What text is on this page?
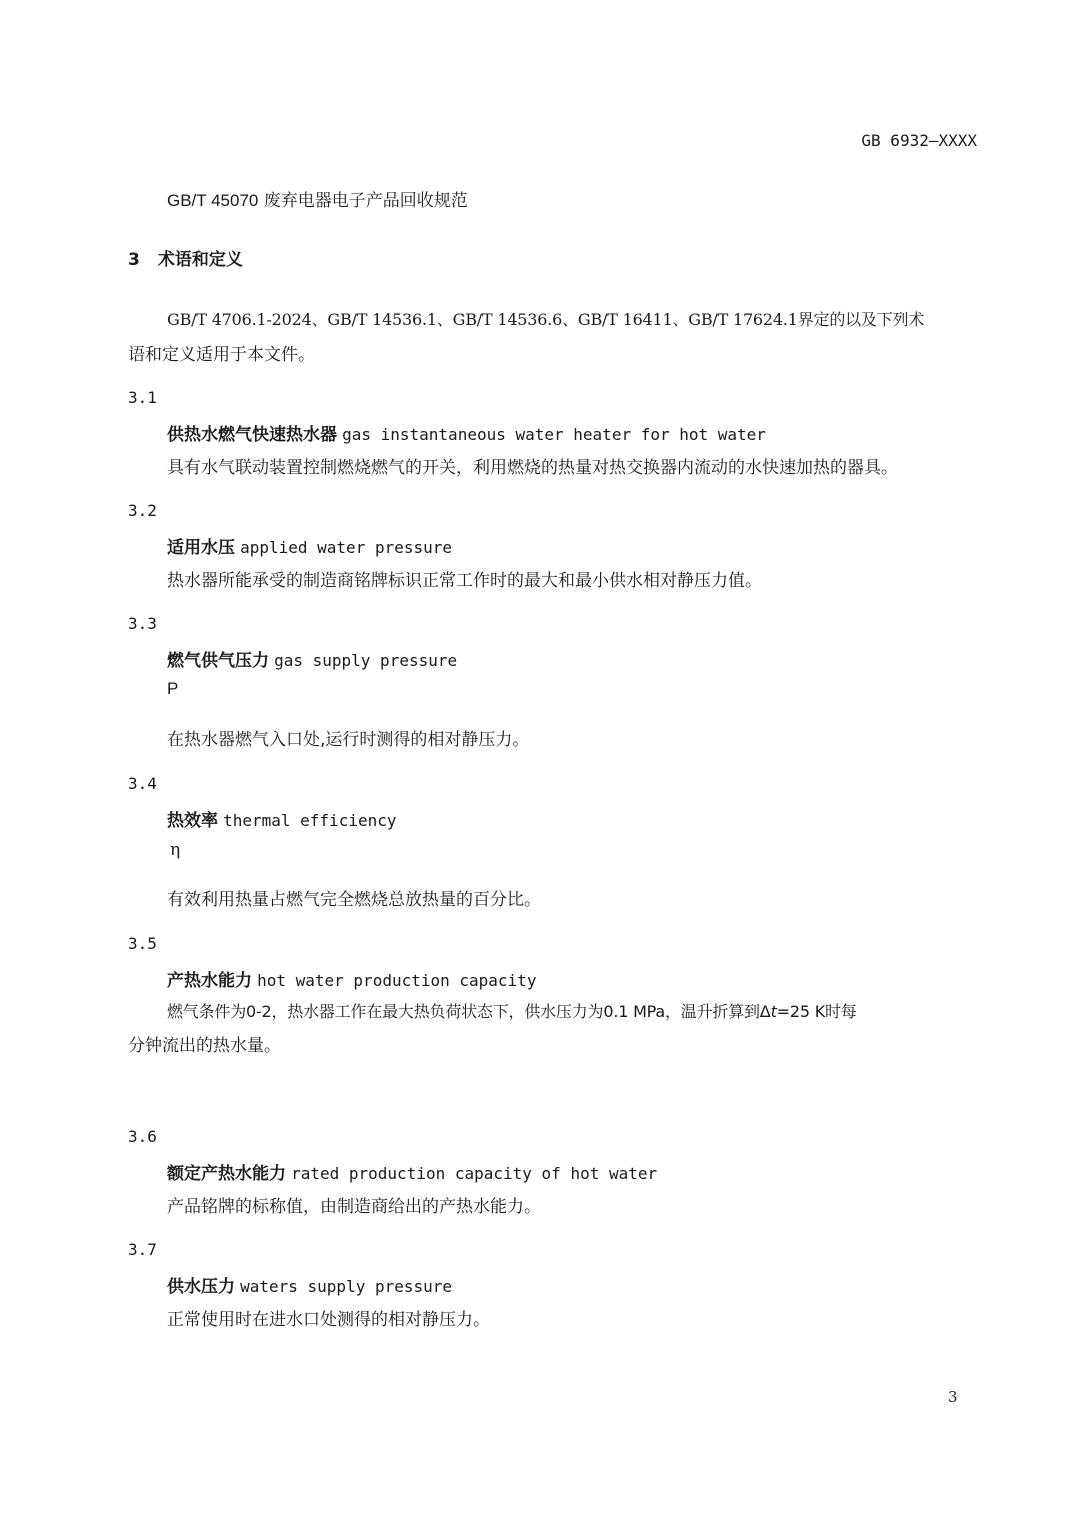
GB 6932—XXXX
GB/T 45070 废弃电器电子产品回收规范
3 术语和定义
GB/T 4706.1-2024、GB/T 14536.1、GB/T 14536.6、GB/T 16411、GB/T 17624.1界定的以及下列术
语和定义适用于本文件。
3.1
供热水燃气快速热水器 gas instantaneous water heater for hot water
具有水气联动装置控制燃烧燃气的开关，利用燃烧的热量对热交换器内流动的水快速加热的器具。
3.2
适用水压 applied water pressure
热水器所能承受的制造商铭牌标识正常工作时的最大和最小供水相对静压力值。
3.3
燃气供气压力 gas supply pressure
P
在热水器燃气入口处,运行时测得的相对静压力。
3.4
热效率 thermal efficiency
η
有效利用热量占燃气完全燃烧总放热量的百分比。
3.5
产热水能力 hot water production capacity
燃气条件为0-2，热水器工作在最大热负荷状态下，供水压力为0.1 MPa，温升折算到Δt=25 K时每
分钟流出的热水量。
3.6
额定产热水能力 rated production capacity of hot water
产品铭牌的标称值，由制造商给出的产热水能力。
3.7
供水压力 waters supply pressure
正常使用时在进水口处测得的相对静压力。
3
